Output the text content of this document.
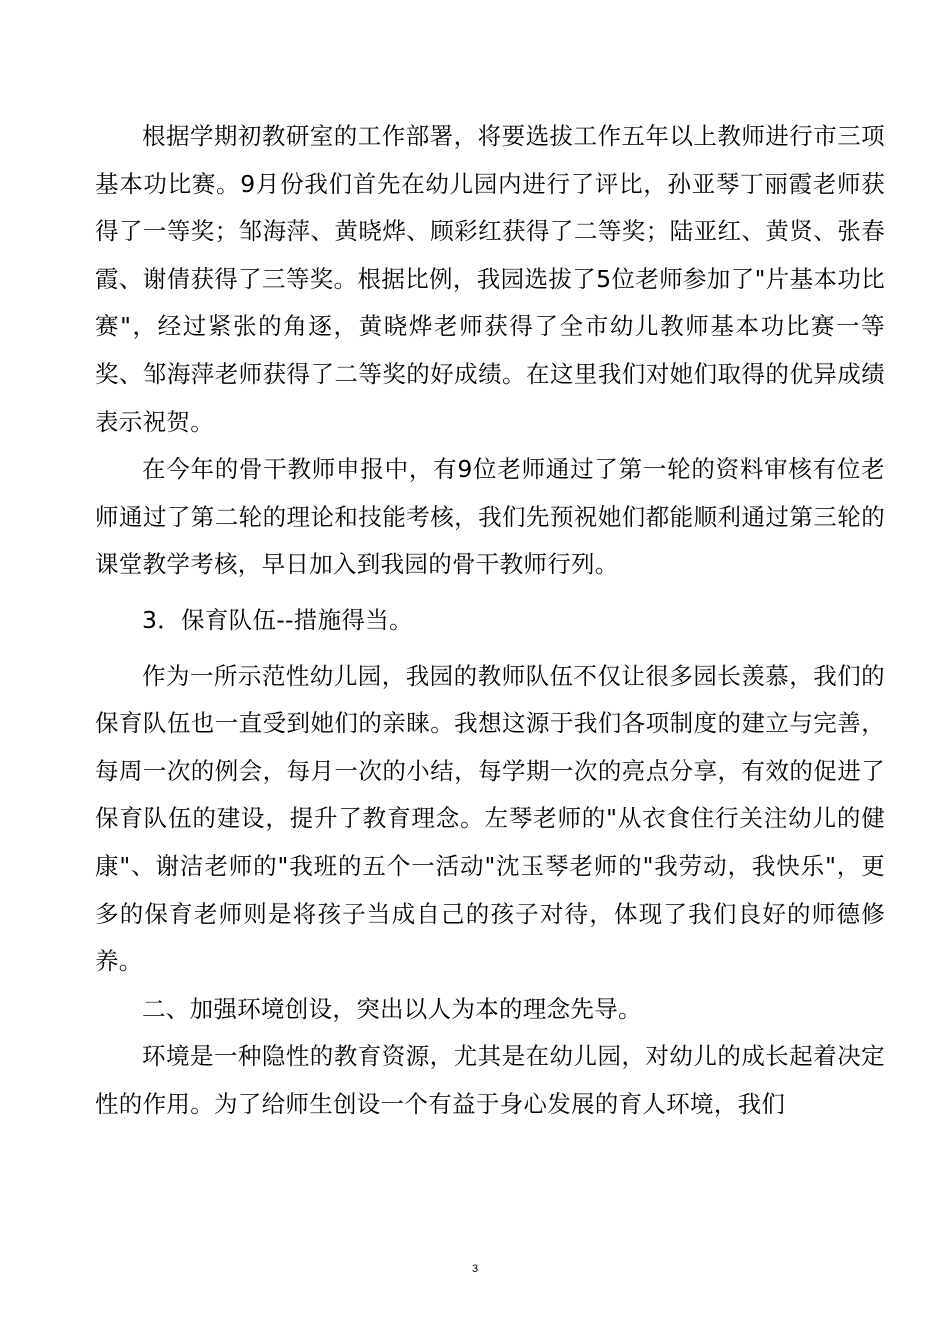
根据学期初教研室的工作部署，将要选拔工作五年以上教师进行市三项基本功比赛。9月份我们首先在幼儿园内进行了评比，孙亚琴丁丽霞老师获得了一等奖；邹海萍、黄晓烨、顾彩红获得了二等奖；陆亚红、黄贤、张春霞、谢倩获得了三等奖。根据比例，我园选拔了5位老师参加了"片基本功比赛"，经过紧张的角逐，黄晓烨老师获得了全市幼儿教师基本功比赛一等奖、邹海萍老师获得了二等奖的好成绩。在这里我们对她们取得的优异成绩表示祝贺。

在今年的骨干教师申报中，有9位老师通过了第一轮的资料审核有位老师通过了第二轮的理论和技能考核，我们先预祝她们都能顺利通过第三轮的课堂教学考核，早日加入到我园的骨干教师行列。

3．保育队伍--措施得当。

作为一所示范性幼儿园，我园的教师队伍不仅让很多园长羡慕，我们的保育队伍也一直受到她们的亲睐。我想这源于我们各项制度的建立与完善，每周一次的例会，每月一次的小结，每学期一次的亮点分享，有效的促进了保育队伍的建设，提升了教育理念。左琴老师的"从衣食住行关注幼儿的健康"、谢洁老师的"我班的五个一活动"沈玉琴老师的"我劳动，我快乐"，更多的保育老师则是将孩子当成自己的孩子对待，体现了我们良好的师德修养。

二、加强环境创设，突出以人为本的理念先导。

环境是一种隐性的教育资源，尤其是在幼儿园，对幼儿的成长起着决定性的作用。为了给师生创设一个有益于身心发展的育人环境，我们

3
